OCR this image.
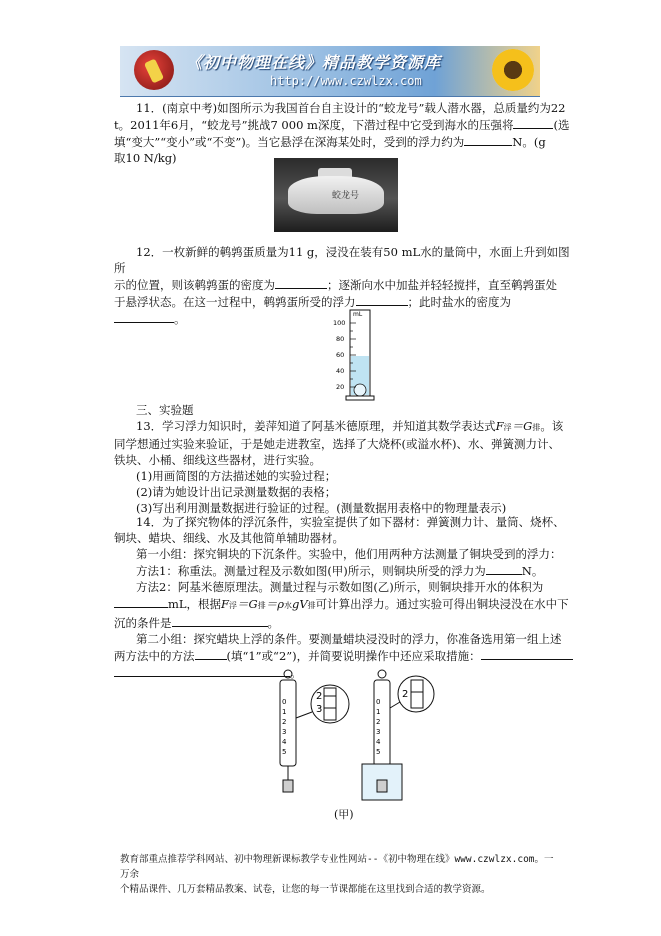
《初中物理在线》精品教学资源库
http://www.czwlzx.com
11．(南京中考)如图所示为我国首台自主设计的“蛟龙号”载人潜水器，总质量约为22
t。2011年6月，“蛟龙号”挑战7 000 m深度，下潜过程中它受到海水的压强将	(选
填“变大”“变小”或“不变”)。当它悬浮在深海某处时，受到的浮力约为	N。(g
取10 N/kg)
蛟龙号
12．一枚新鲜的鹌鹑蛋质量为11 g，浸没在装有50 mL水的量筒中，水面上升到如图所
示的位置，则该鹌鹑蛋的密度为	；逐渐向水中加盐并轻轻搅拌，直至鹌鹑蛋处
于悬浮状态。在这一过程中，鹌鹑蛋所受的浮力	；此时盐水的密度为
。	mL
100
80
60
40
20
三、实验题
13．学习浮力知识时，姜萍知道了阿基米德原理，并知道其数学表达式F浮＝G排。该
同学想通过实验来验证，于是她走进教室，选择了大烧杯(或溢水杯)、水、弹簧测力计、
铁块、小桶、细线这些器材，进行实验。
(1)用画简图的方法描述她的实验过程；
(2)请为她设计出记录测量数据的表格；
(3)写出利用测量数据进行验证的过程。(测量数据用表格中的物理量表示)
14．为了探究物体的浮沉条件，实验室提供了如下器材：弹簧测力计、量筒、烧杯、
铜块、蜡块、细线、水及其他简单辅助器材。
第一小组：探究铜块的下沉条件。实验中，他们用两种方法测量了铜块受到的浮力：
方法1：称重法。测量过程及示数如图(甲)所示，则铜块所受的浮力为	N。
方法2：阿基米德原理法。测量过程与示数如图(乙)所示，则铜块排开水的体积为
mL，根据F浮＝G排＝ρ水gV排可计算出浮力。通过实验可得出铜块浸没在水中下
沉的条件是	。
第二小组：探究蜡块上浮的条件。要测量蜡块浸没时的浮力，你准备选用第一组上述
两方法中的方法	(填“1”或“2”)，并简要说明操作中还应采取措施：
。
0
1
2
3
4
5
2
3
0
1
2
3
4
5
2
(甲)
教育部重点推荐学科网站、初中物理新课标教学专业性网站--《初中物理在线》www.czwlzx.com。一万余
个精品课件、几万套精品教案、试卷，让您的每一节课都能在这里找到合适的教学资源。
